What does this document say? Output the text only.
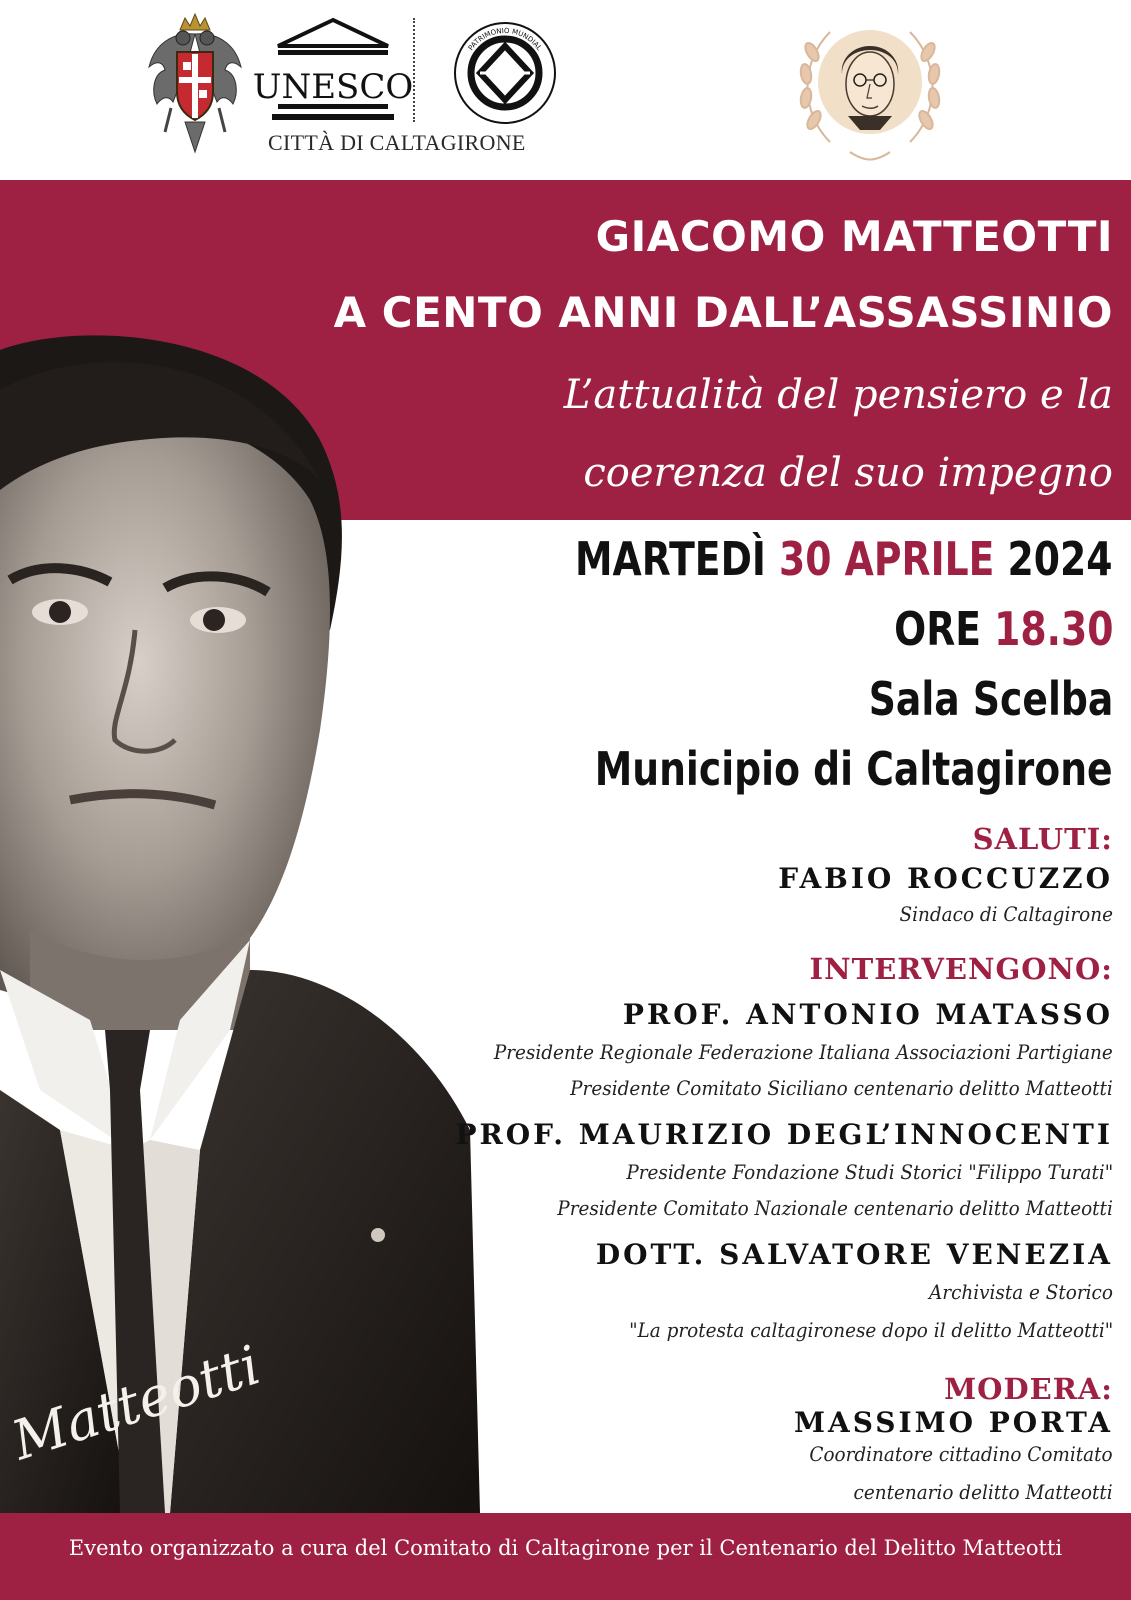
UNESCO
PATRIMONIO MUNDIAL
CITTÀ DI CALTAGIRONE
Matteotti
GIACOMO MATTEOTTI
A CENTO ANNI DALL’ASSASSINIO
L’attualità del pensiero e la
coerenza del suo impegno
MARTEDÌ 30 APRILE 2024
ORE 18.30
Sala Scelba
Municipio di Caltagirone
SALUTI:
FABIO ROCCUZZO
Sindaco di Caltagirone
INTERVENGONO:
PROF. ANTONIO MATASSO
Presidente Regionale Federazione Italiana Associazioni Partigiane
Presidente Comitato Siciliano centenario delitto Matteotti
PROF. MAURIZIO DEGL’INNOCENTI
Presidente Fondazione Studi Storici "Filippo Turati"
Presidente Comitato Nazionale centenario delitto Matteotti
DOTT. SALVATORE VENEZIA
Archivista e Storico
"La protesta caltagironese dopo il delitto Matteotti"
MODERA:
MASSIMO PORTA
Coordinatore cittadino Comitato
centenario delitto Matteotti
Evento organizzato a cura del Comitato di Caltagirone per il Centenario del Delitto Matteotti
